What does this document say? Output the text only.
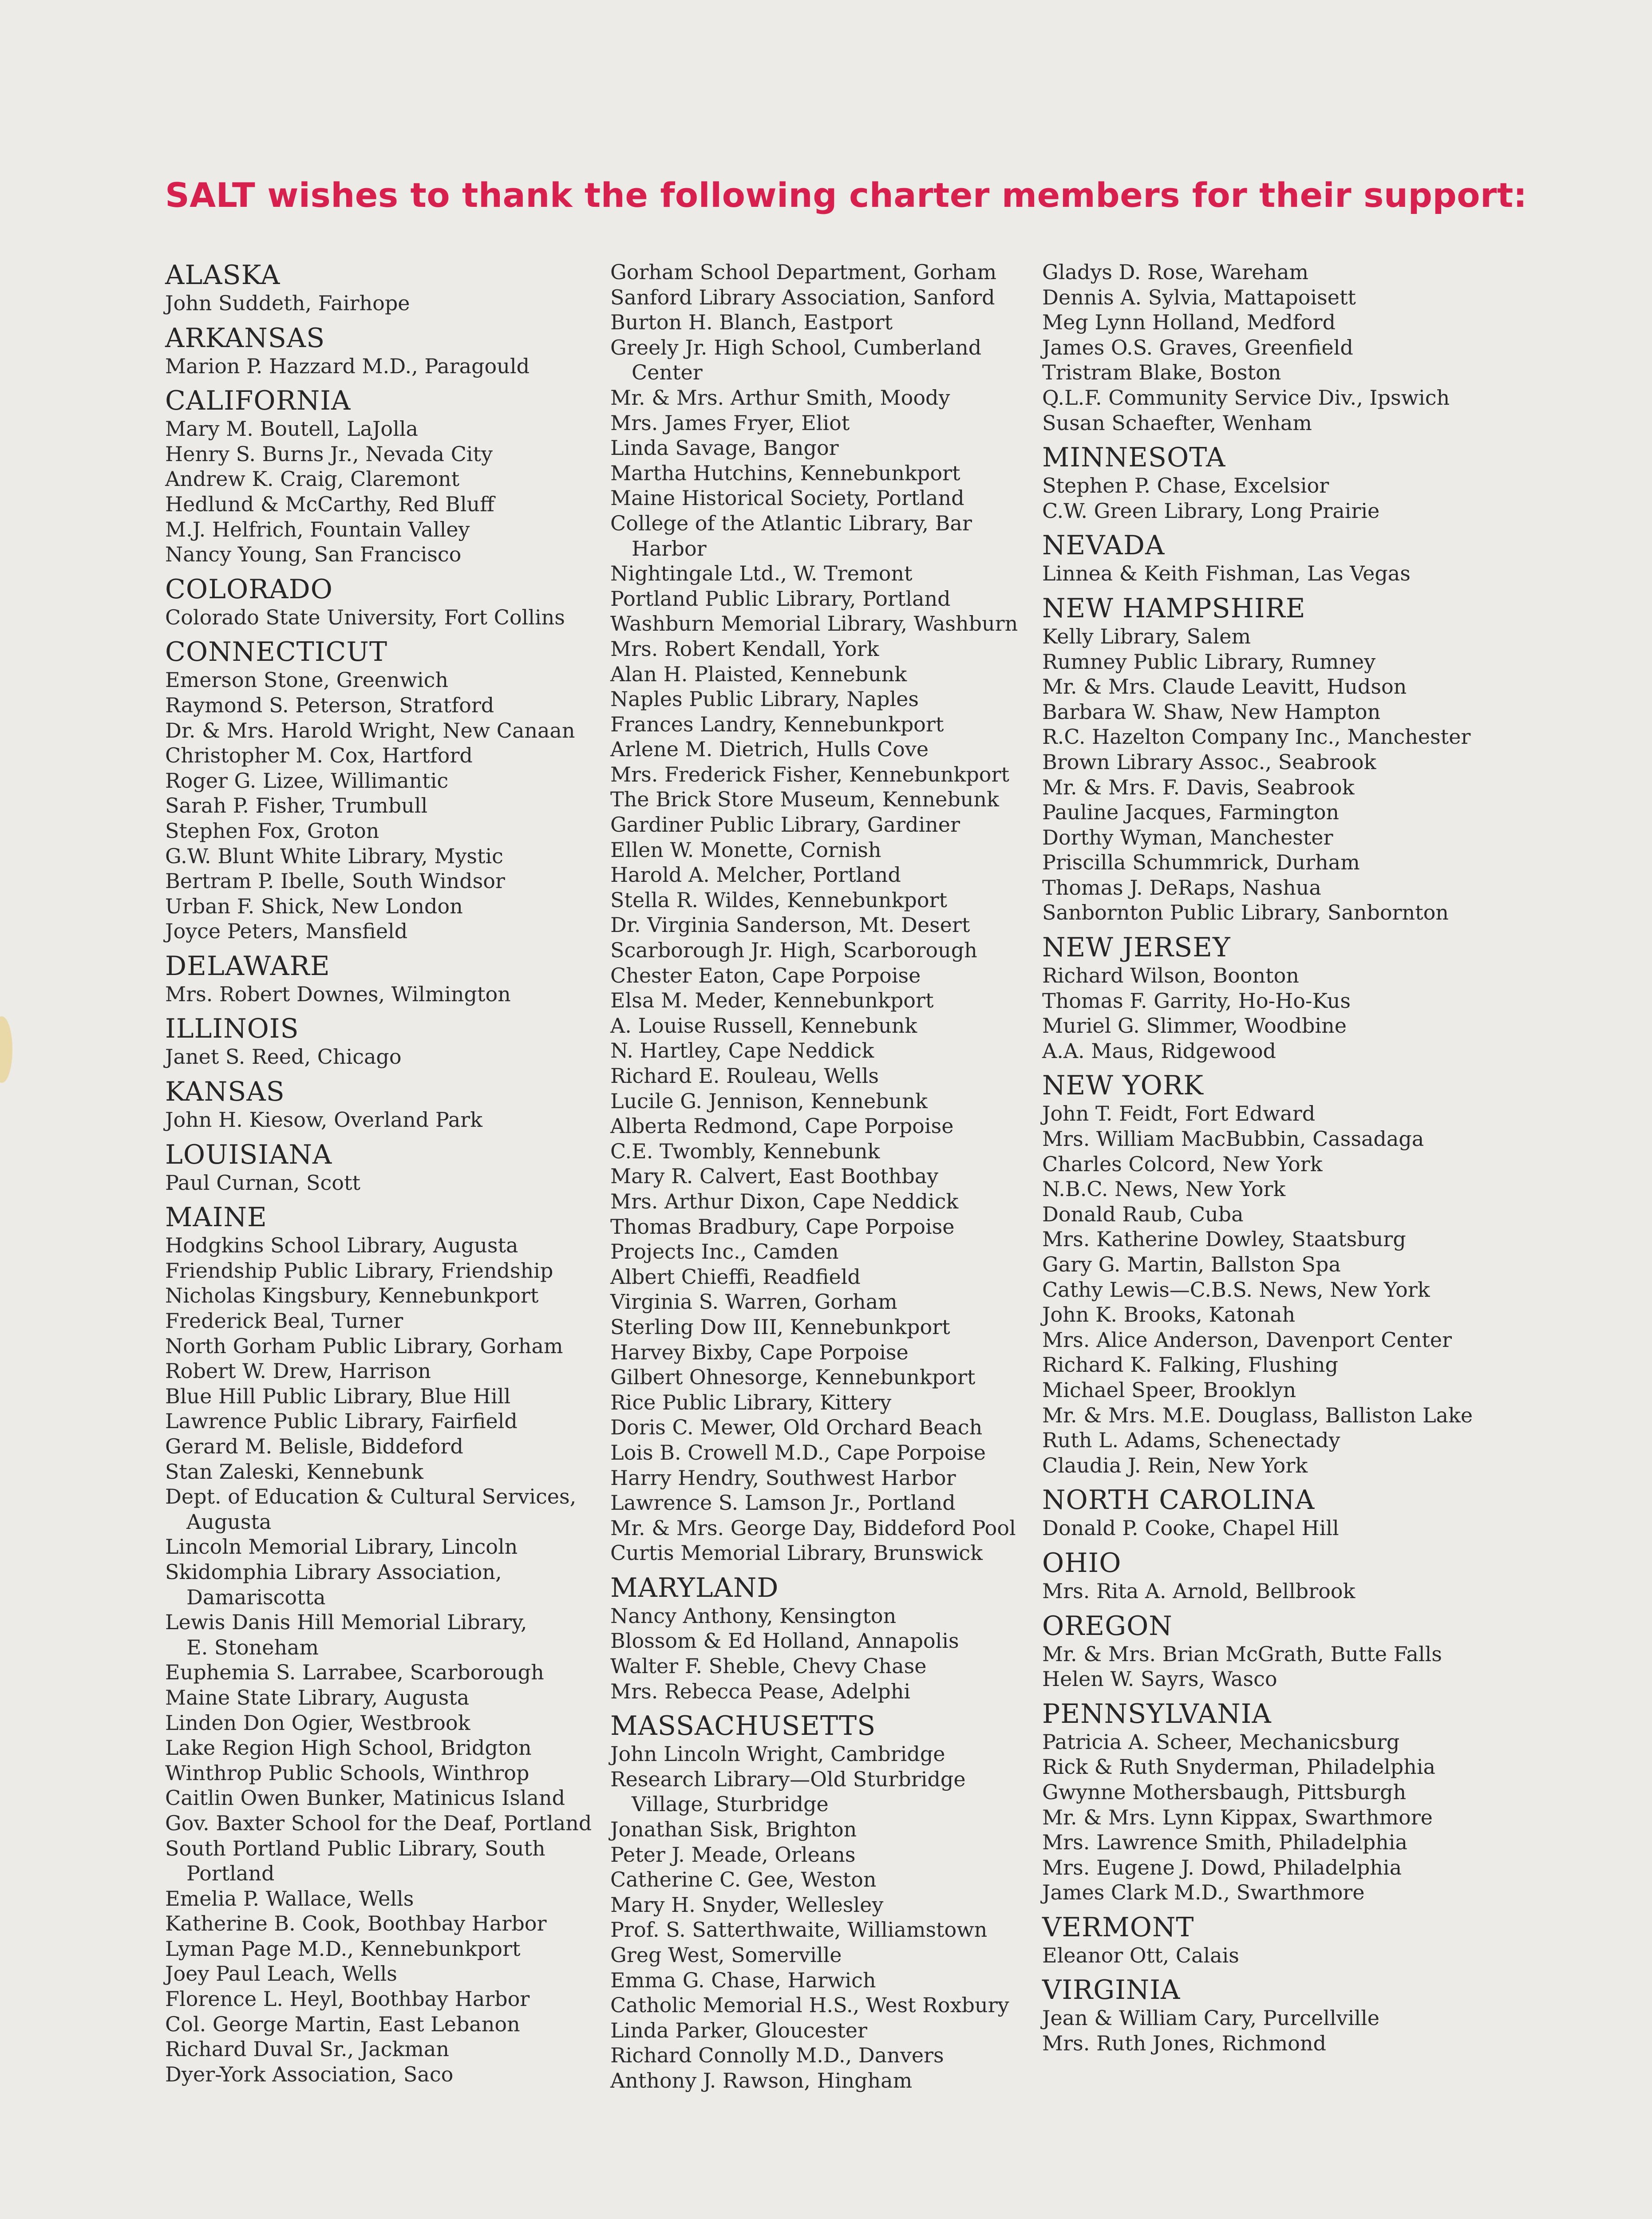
SALT wishes to thank the following charter members for their support:
ALASKA
John Suddeth, Fairhope
ARKANSAS
Marion P. Hazzard M.D., Paragould
CALIFORNIA
Mary M. Boutell, LaJolla
Henry S. Burns Jr., Nevada City
Andrew K. Craig, Claremont
Hedlund & McCarthy, Red Bluff
M.J. Helfrich, Fountain Valley
Nancy Young, San Francisco
COLORADO
Colorado State University, Fort Collins
CONNECTICUT
Emerson Stone, Greenwich
Raymond S. Peterson, Stratford
Dr. & Mrs. Harold Wright, New Canaan
Christopher M. Cox, Hartford
Roger G. Lizee, Willimantic
Sarah P. Fisher, Trumbull
Stephen Fox, Groton
G.W. Blunt White Library, Mystic
Bertram P. Ibelle, South Windsor
Urban F. Shick, New London
Joyce Peters, Mansfield
DELAWARE
Mrs. Robert Downes, Wilmington
ILLINOIS
Janet S. Reed, Chicago
KANSAS
John H. Kiesow, Overland Park
LOUISIANA
Paul Curnan, Scott
MAINE
Hodgkins School Library, Augusta
Friendship Public Library, Friendship
Nicholas Kingsbury, Kennebunkport
Frederick Beal, Turner
North Gorham Public Library, Gorham
Robert W. Drew, Harrison
Blue Hill Public Library, Blue Hill
Lawrence Public Library, Fairfield
Gerard M. Belisle, Biddeford
Stan Zaleski, Kennebunk
Dept. of Education & Cultural Services,
Augusta
Lincoln Memorial Library, Lincoln
Skidomphia Library Association,
Damariscotta
Lewis Danis Hill Memorial Library,
E. Stoneham
Euphemia S. Larrabee, Scarborough
Maine State Library, Augusta
Linden Don Ogier, Westbrook
Lake Region High School, Bridgton
Winthrop Public Schools, Winthrop
Caitlin Owen Bunker, Matinicus Island
Gov. Baxter School for the Deaf, Portland
South Portland Public Library, South
Portland
Emelia P. Wallace, Wells
Katherine B. Cook, Boothbay Harbor
Lyman Page M.D., Kennebunkport
Joey Paul Leach, Wells
Florence L. Heyl, Boothbay Harbor
Col. George Martin, East Lebanon
Richard Duval Sr., Jackman
Dyer-York Association, Saco
Gorham School Department, Gorham
Sanford Library Association, Sanford
Burton H. Blanch, Eastport
Greely Jr. High School, Cumberland
Center
Mr. & Mrs. Arthur Smith, Moody
Mrs. James Fryer, Eliot
Linda Savage, Bangor
Martha Hutchins, Kennebunkport
Maine Historical Society, Portland
College of the Atlantic Library, Bar
Harbor
Nightingale Ltd., W. Tremont
Portland Public Library, Portland
Washburn Memorial Library, Washburn
Mrs. Robert Kendall, York
Alan H. Plaisted, Kennebunk
Naples Public Library, Naples
Frances Landry, Kennebunkport
Arlene M. Dietrich, Hulls Cove
Mrs. Frederick Fisher, Kennebunkport
The Brick Store Museum, Kennebunk
Gardiner Public Library, Gardiner
Ellen W. Monette, Cornish
Harold A. Melcher, Portland
Stella R. Wildes, Kennebunkport
Dr. Virginia Sanderson, Mt. Desert
Scarborough Jr. High, Scarborough
Chester Eaton, Cape Porpoise
Elsa M. Meder, Kennebunkport
A. Louise Russell, Kennebunk
N. Hartley, Cape Neddick
Richard E. Rouleau, Wells
Lucile G. Jennison, Kennebunk
Alberta Redmond, Cape Porpoise
C.E. Twombly, Kennebunk
Mary R. Calvert, East Boothbay
Mrs. Arthur Dixon, Cape Neddick
Thomas Bradbury, Cape Porpoise
Projects Inc., Camden
Albert Chieffi, Readfield
Virginia S. Warren, Gorham
Sterling Dow III, Kennebunkport
Harvey Bixby, Cape Porpoise
Gilbert Ohnesorge, Kennebunkport
Rice Public Library, Kittery
Doris C. Mewer, Old Orchard Beach
Lois B. Crowell M.D., Cape Porpoise
Harry Hendry, Southwest Harbor
Lawrence S. Lamson Jr., Portland
Mr. & Mrs. George Day, Biddeford Pool
Curtis Memorial Library, Brunswick
MARYLAND
Nancy Anthony, Kensington
Blossom & Ed Holland, Annapolis
Walter F. Sheble, Chevy Chase
Mrs. Rebecca Pease, Adelphi
MASSACHUSETTS
John Lincoln Wright, Cambridge
Research Library—Old Sturbridge
Village, Sturbridge
Jonathan Sisk, Brighton
Peter J. Meade, Orleans
Catherine C. Gee, Weston
Mary H. Snyder, Wellesley
Prof. S. Satterthwaite, Williamstown
Greg West, Somerville
Emma G. Chase, Harwich
Catholic Memorial H.S., West Roxbury
Linda Parker, Gloucester
Richard Connolly M.D., Danvers
Anthony J. Rawson, Hingham
Gladys D. Rose, Wareham
Dennis A. Sylvia, Mattapoisett
Meg Lynn Holland, Medford
James O.S. Graves, Greenfield
Tristram Blake, Boston
Q.L.F. Community Service Div., Ipswich
Susan Schaefter, Wenham
MINNESOTA
Stephen P. Chase, Excelsior
C.W. Green Library, Long Prairie
NEVADA
Linnea & Keith Fishman, Las Vegas
NEW HAMPSHIRE
Kelly Library, Salem
Rumney Public Library, Rumney
Mr. & Mrs. Claude Leavitt, Hudson
Barbara W. Shaw, New Hampton
R.C. Hazelton Company Inc., Manchester
Brown Library Assoc., Seabrook
Mr. & Mrs. F. Davis, Seabrook
Pauline Jacques, Farmington
Dorthy Wyman, Manchester
Priscilla Schummrick, Durham
Thomas J. DeRaps, Nashua
Sanbornton Public Library, Sanbornton
NEW JERSEY
Richard Wilson, Boonton
Thomas F. Garrity, Ho-Ho-Kus
Muriel G. Slimmer, Woodbine
A.A. Maus, Ridgewood
NEW YORK
John T. Feidt, Fort Edward
Mrs. William MacBubbin, Cassadaga
Charles Colcord, New York
N.B.C. News, New York
Donald Raub, Cuba
Mrs. Katherine Dowley, Staatsburg
Gary G. Martin, Ballston Spa
Cathy Lewis—C.B.S. News, New York
John K. Brooks, Katonah
Mrs. Alice Anderson, Davenport Center
Richard K. Falking, Flushing
Michael Speer, Brooklyn
Mr. & Mrs. M.E. Douglass, Balliston Lake
Ruth L. Adams, Schenectady
Claudia J. Rein, New York
NORTH CAROLINA
Donald P. Cooke, Chapel Hill
OHIO
Mrs. Rita A. Arnold, Bellbrook
OREGON
Mr. & Mrs. Brian McGrath, Butte Falls
Helen W. Sayrs, Wasco
PENNSYLVANIA
Patricia A. Scheer, Mechanicsburg
Rick & Ruth Snyderman, Philadelphia
Gwynne Mothersbaugh, Pittsburgh
Mr. & Mrs. Lynn Kippax, Swarthmore
Mrs. Lawrence Smith, Philadelphia
Mrs. Eugene J. Dowd, Philadelphia
James Clark M.D., Swarthmore
VERMONT
Eleanor Ott, Calais
VIRGINIA
Jean & William Cary, Purcellville
Mrs. Ruth Jones, Richmond
